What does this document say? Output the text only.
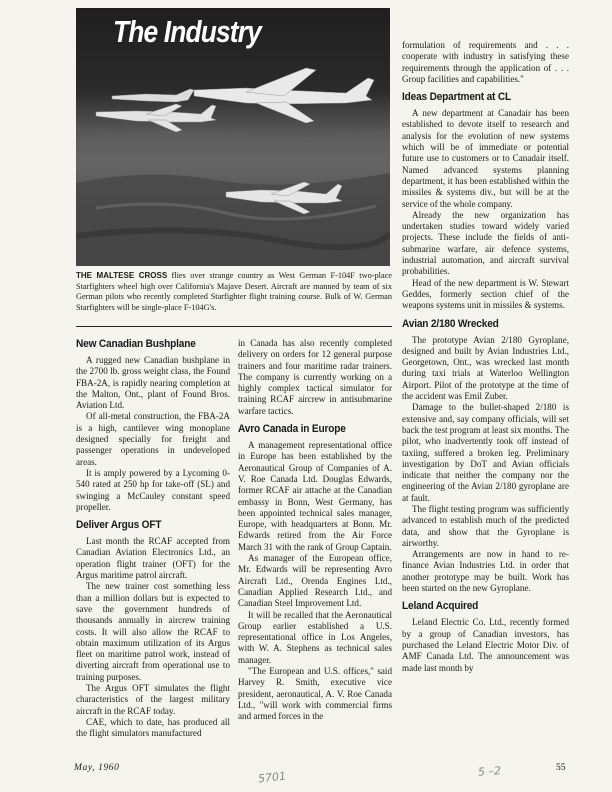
The Industry
THE MALTESE CROSS flies over strange country as West German F-104F two-place Starfighters wheel high over California's Majave Desert. Aircraft are manned by team of six German pilots who recently completed Starfighter flight training course. Bulk of W. German Starfighters will be single-place F-104G's.
New Canadian Bushplane

A rugged new Canadian bushplane in the 2700 lb. gross weight class, the Found FBA-2A, is rapidly nearing completion at the Malton, Ont., plant of Found Bros. Aviation Ltd.

Of all-metal construction, the FBA-2A is a high, cantilever wing monoplane designed specially for freight and passenger operations in undeveloped areas.

It is amply powered by a Lycoming 0-540 rated at 250 hp for take-off (SL) and swinging a McCauley constant speed propeller.

Deliver Argus OFT

Last month the RCAF accepted from Canadian Aviation Electronics Ltd., an operation flight trainer (OFT) for the Argus maritime patrol aircraft.

The new trainer cost something less than a million dollars but is expected to save the government hundreds of thousands annually in aircrew training costs. It will also allow the RCAF to obtain maximum utilization of its Argus fleet on maritime patrol work, instead of diverting aircraft from operational use to training purposes.

The Argus OFT simulates the flight characteristics of the largest military aircraft in the RCAF today.

CAE, which to date, has produced all the flight simulators manufactured

in Canada has also recently completed delivery on orders for 12 general purpose trainers and four maritime radar trainers. The company is currently working on a highly complex tactical simulator for training RCAF aircrew in antisubmarine warfare tactics.

Avro Canada in Europe

A management representational office in Europe has been established by the Aeronautical Group of Companies of A. V. Roe Canada Ltd. Douglas Edwards, former RCAF air attache at the Canadian embassy in Bonn, West Germany, has been appointed technical sales manager, Europe, with headquarters at Bonn. Mr. Edwards retired from the Air Force March 31 with the rank of Group Captain.

As manager of the European office, Mr. Edwards will be representing Avro Aircraft Ltd., Orenda Engines Ltd., Canadian Applied Research Ltd., and Canadian Steel Improvement Ltd.

It will be recalled that the Aeronautical Group earlier established a U.S. representational office in Los Angeles, with W. A. Stephens as technical sales manager.

"The European and U.S. offices," said Harvey R. Smith, executive vice president, aeronautical, A. V. Roe Canada Ltd., "will work with commercial firms and armed forces in the

formulation of requirements and . . . cooperate with industry in satisfying these requirements through the application of . . . Group facilities and capabilities."

Ideas Department at CL

A new department at Canadair has been established to devote itself to research and analysis for the evolution of new systems which will be of immediate or potential future use to customers or to Canadair itself. Named advanced systems planning department, it has been established within the missiles & systems div., but will be at the service of the whole company.

Already the new organization has undertaken studies toward widely varied projects. These include the fields of anti-submarine warfare, air defence systems, industrial automation, and aircraft survival probabilities.

Head of the new department is W. Stewart Geddes, formerly section chief of the weapons systems unit in missiles & systems.

Avian 2/180 Wrecked

The prototype Avian 2/180 Gyroplane, designed and built by Avian Industries Ltd., Georgetown, Ont., was wrecked last month during taxi trials at Waterloo Wellington Airport. Pilot of the prototype at the time of the accident was Emil Zuber.

Damage to the bullet-shaped 2/180 is extensive and, say company officials, will set back the test program at least six months. The pilot, who inadvertently took off instead of taxiing, suffered a broken leg. Preliminary investigation by DoT and Avian officials indicate that neither the company nor the engineering of the Avian 2/180 gyroplane are at fault.

The flight testing program was sufficiently advanced to establish much of the predicted data, and show that the Gyroplane is airworthy.

Arrangements are now in hand to re-finance Avian Industries Ltd. in order that another prototype may be built. Work has been started on the new Gyroplane.

Leland Acquired

Leland Electric Co. Ltd., recently formed by a group of Canadian investors, has purchased the Leland Electric Motor Div. of AMF Canada Ltd. The announcement was made last month by

May, 1960	55
5701	5 –2
